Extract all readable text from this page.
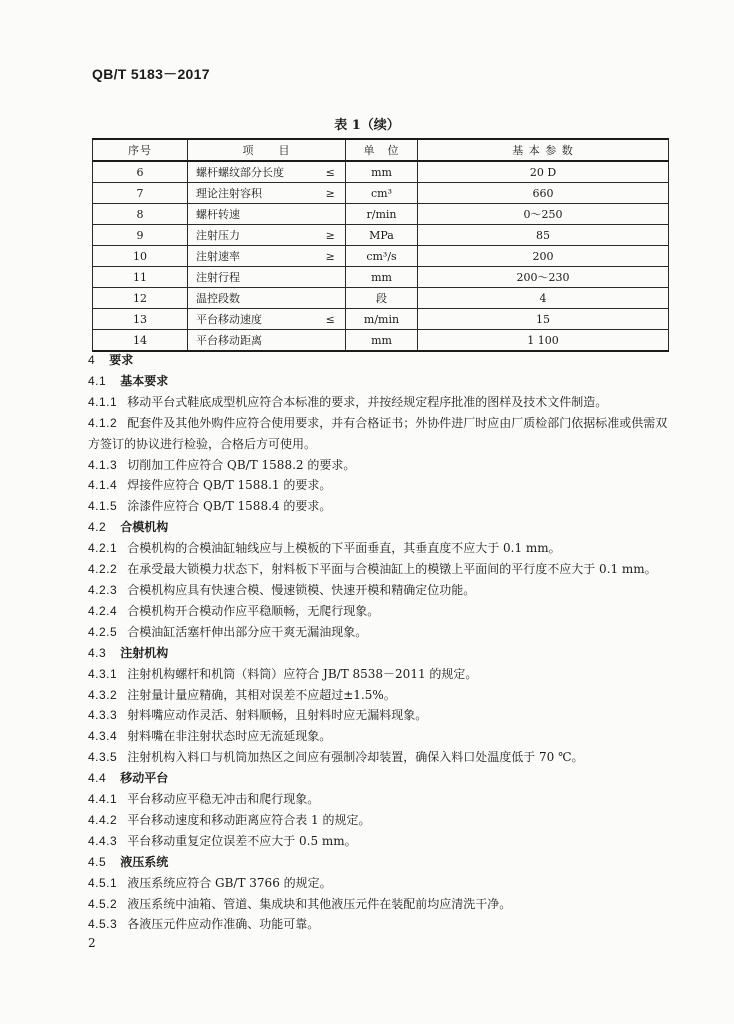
QB/T 5183－2017
表 1（续）
序号	项　　目		单　位	基 本 参 数
6	螺杆螺纹部分长度	≤	mm	20 D
7	理论注射容积	≥	cm³	660
8	螺杆转速		r/min	0～250
9	注射压力	≥	MPa	85
10	注射速率	≥	cm³/s	200
11	注射行程		mm	200～230
12	温控段数		段	4
13	平台移动速度	≤	m/min	15
14	平台移动距离		mm	1 100
4 要求
4.1 基本要求
4.1.1 移动平台式鞋底成型机应符合本标准的要求，并按经规定程序批准的图样及技术文件制造。
4.1.2 配套件及其他外购件应符合使用要求，并有合格证书；外协件进厂时应由厂质检部门依据标准或供需双方签订的协议进行检验，合格后方可使用。
4.1.3 切削加工件应符合 QB/T 1588.2 的要求。
4.1.4 焊接件应符合 QB/T 1588.1 的要求。
4.1.5 涂漆件应符合 QB/T 1588.4 的要求。
4.2 合模机构
4.2.1 合模机构的合模油缸轴线应与上模板的下平面垂直，其垂直度不应大于 0.1 mm。
4.2.2 在承受最大锁模力状态下，射料板下平面与合模油缸上的模镦上平面间的平行度不应大于 0.1 mm。
4.2.3 合模机构应具有快速合模、慢速锁模、快速开模和精确定位功能。
4.2.4 合模机构开合模动作应平稳顺畅，无爬行现象。
4.2.5 合模油缸活塞杆伸出部分应干爽无漏油现象。
4.3 注射机构
4.3.1 注射机构螺杆和机筒（料筒）应符合 JB/T 8538－2011 的规定。
4.3.2 注射量计量应精确，其相对误差不应超过±1.5%。
4.3.3 射料嘴应动作灵活、射料顺畅，且射料时应无漏料现象。
4.3.4 射料嘴在非注射状态时应无流延现象。
4.3.5 注射机构入料口与机筒加热区之间应有强制冷却装置，确保入料口处温度低于 70 ℃。
4.4 移动平台
4.4.1 平台移动应平稳无冲击和爬行现象。
4.4.2 平台移动速度和移动距离应符合表 1 的规定。
4.4.3 平台移动重复定位误差不应大于 0.5 mm。
4.5 液压系统
4.5.1 液压系统应符合 GB/T 3766 的规定。
4.5.2 液压系统中油箱、管道、集成块和其他液压元件在装配前均应清洗干净。
4.5.3 各液压元件应动作准确、功能可靠。
2
